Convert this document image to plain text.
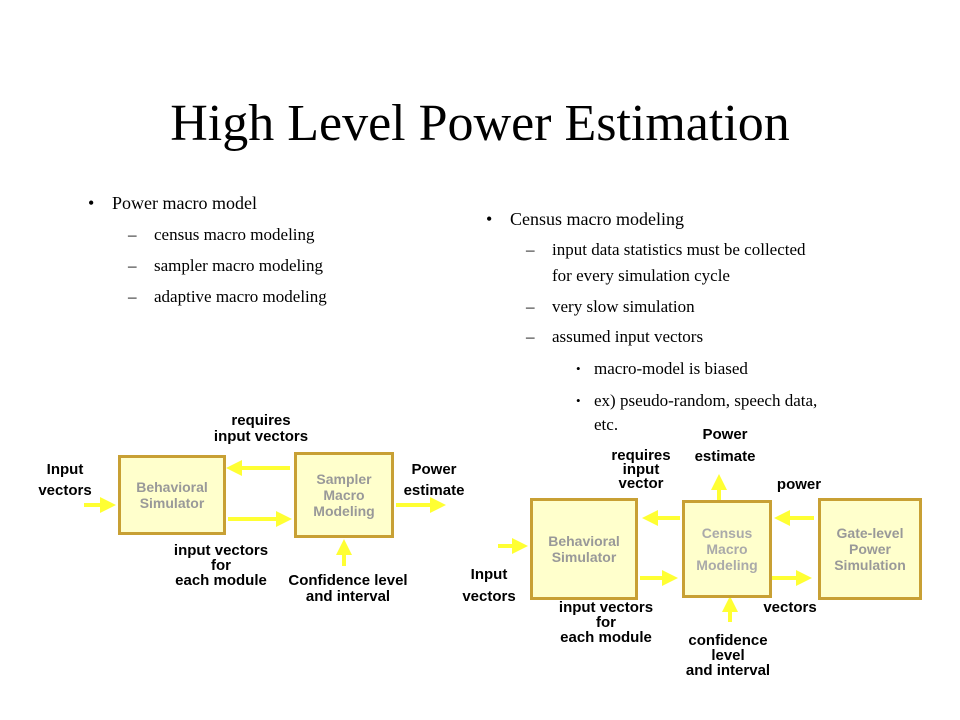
High Level Power Estimation
• Power macro model
– census macro modeling
– sampler macro modeling
– adaptive macro modeling
• Census macro modeling
– input data statistics must be collected
for every simulation cycle
– very slow simulation
– assumed input vectors
• macro-model is biased
• ex) pseudo-random, speech data,
etc.
Behavioral
Simulator
Sampler
Macro
Modeling
requires
input vectors
Input
vectors
Power
estimate
input vectors
for
each module	Confidence level
and interval
Behavioral
Simulator
Census
Macro
Modeling
Gate-level
Power
Simulation
requires
input
vector
Power
estimate
power
Input
vectors
input vectors
for
each module	confidence
level
and interval
vectors
